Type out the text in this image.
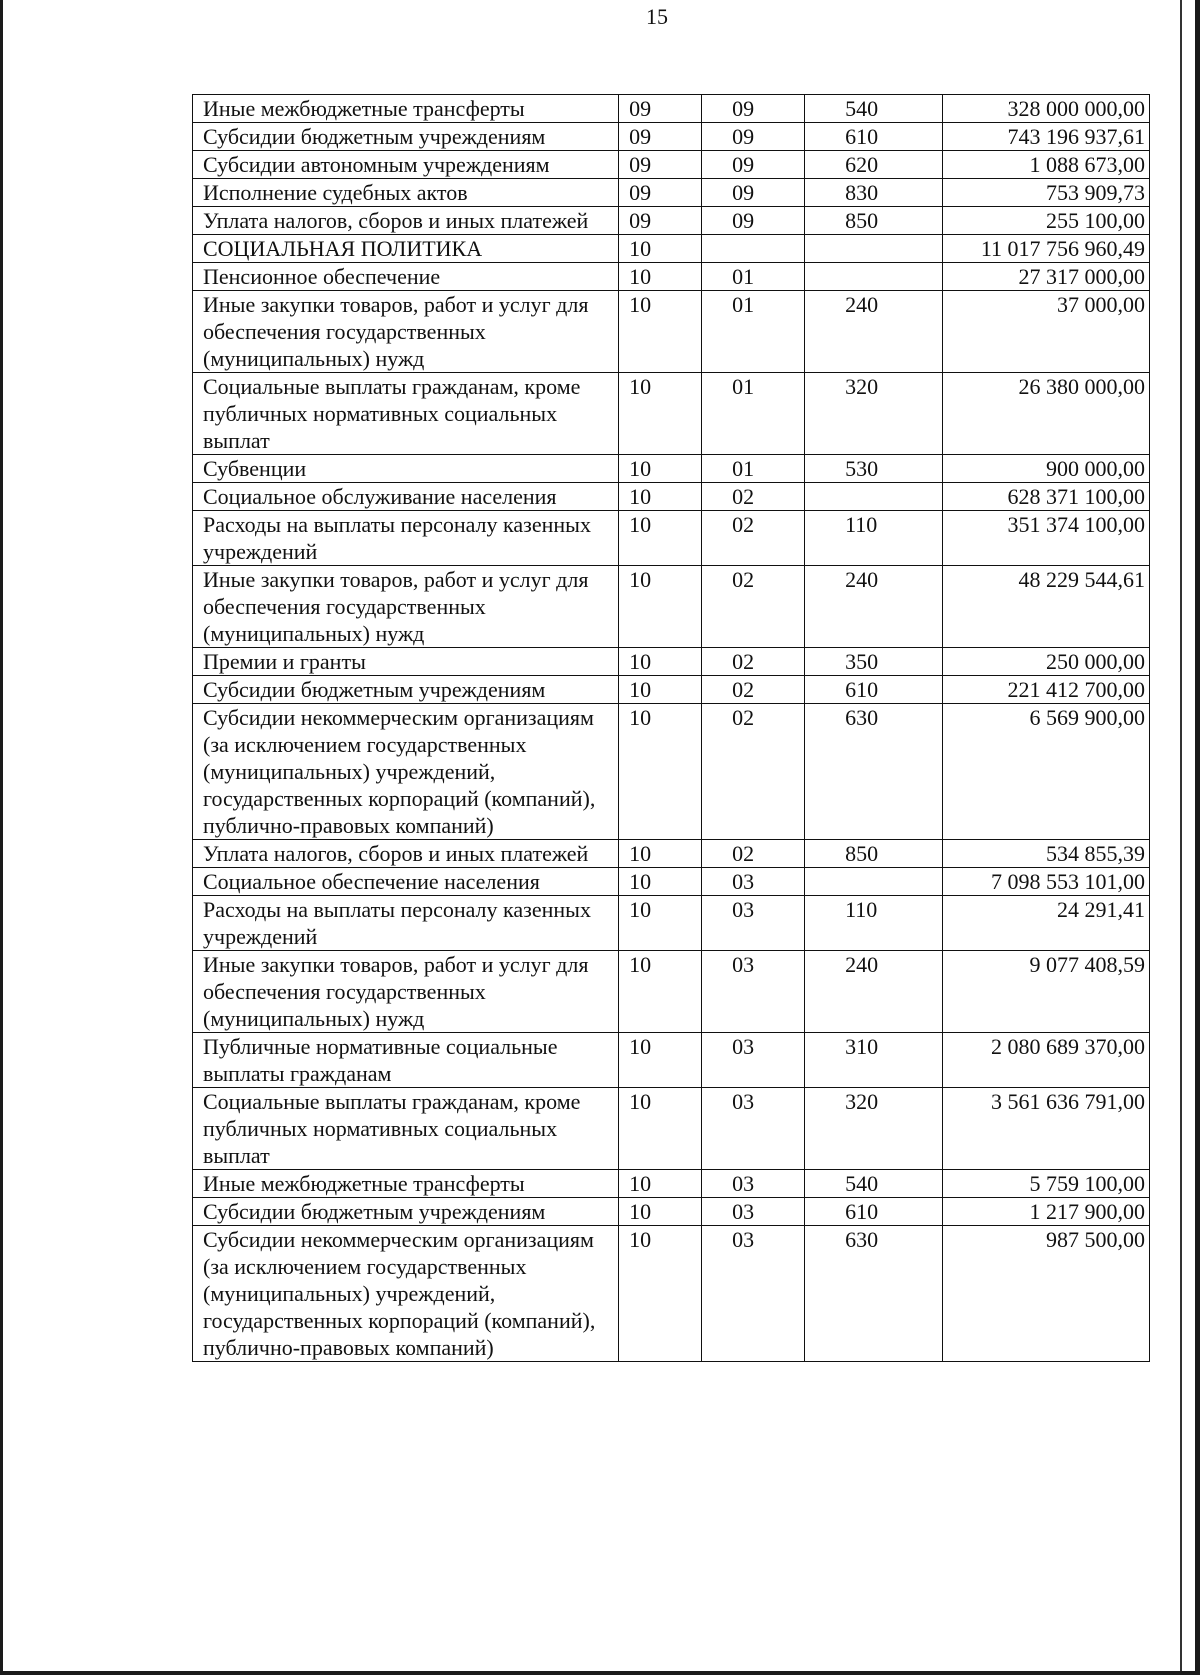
15
Иные межбюджетные трансферты	09	09	540	328 000 000,00
Субсидии бюджетным учреждениям	09	09	610	743 196 937,61
Субсидии автономным учреждениям	09	09	620	1 088 673,00
Исполнение судебных актов	09	09	830	753 909,73
Уплата налогов, сборов и иных платежей	09	09	850	255 100,00
СОЦИАЛЬНАЯ ПОЛИТИКА	10			11 017 756 960,49
Пенсионное обеспечение	10	01		27 317 000,00
Иные закупки товаров, работ и услуг для обеспечения государственных (муниципальных) нужд	10	01	240	37 000,00
Социальные выплаты гражданам, кроме публичных нормативных социальных выплат	10	01	320	26 380 000,00
Субвенции	10	01	530	900 000,00
Социальное обслуживание населения	10	02		628 371 100,00
Расходы на выплаты персоналу казенных учреждений	10	02	110	351 374 100,00
Иные закупки товаров, работ и услуг для обеспечения государственных (муниципальных) нужд	10	02	240	48 229 544,61
Премии и гранты	10	02	350	250 000,00
Субсидии бюджетным учреждениям	10	02	610	221 412 700,00
Субсидии некоммерческим организациям (за исключением государственных (муниципальных) учреждений, государственных корпораций (компаний), публично-правовых компаний)	10	02	630	6 569 900,00
Уплата налогов, сборов и иных платежей	10	02	850	534 855,39
Социальное обеспечение населения	10	03		7 098 553 101,00
Расходы на выплаты персоналу казенных учреждений	10	03	110	24 291,41
Иные закупки товаров, работ и услуг для обеспечения государственных (муниципальных) нужд	10	03	240	9 077 408,59
Публичные нормативные социальные выплаты гражданам	10	03	310	2 080 689 370,00
Социальные выплаты гражданам, кроме публичных нормативных социальных выплат	10	03	320	3 561 636 791,00
Иные межбюджетные трансферты	10	03	540	5 759 100,00
Субсидии бюджетным учреждениям	10	03	610	1 217 900,00
Субсидии некоммерческим организациям (за исключением государственных (муниципальных) учреждений, государственных корпораций (компаний), публично-правовых компаний)	10	03	630	987 500,00
